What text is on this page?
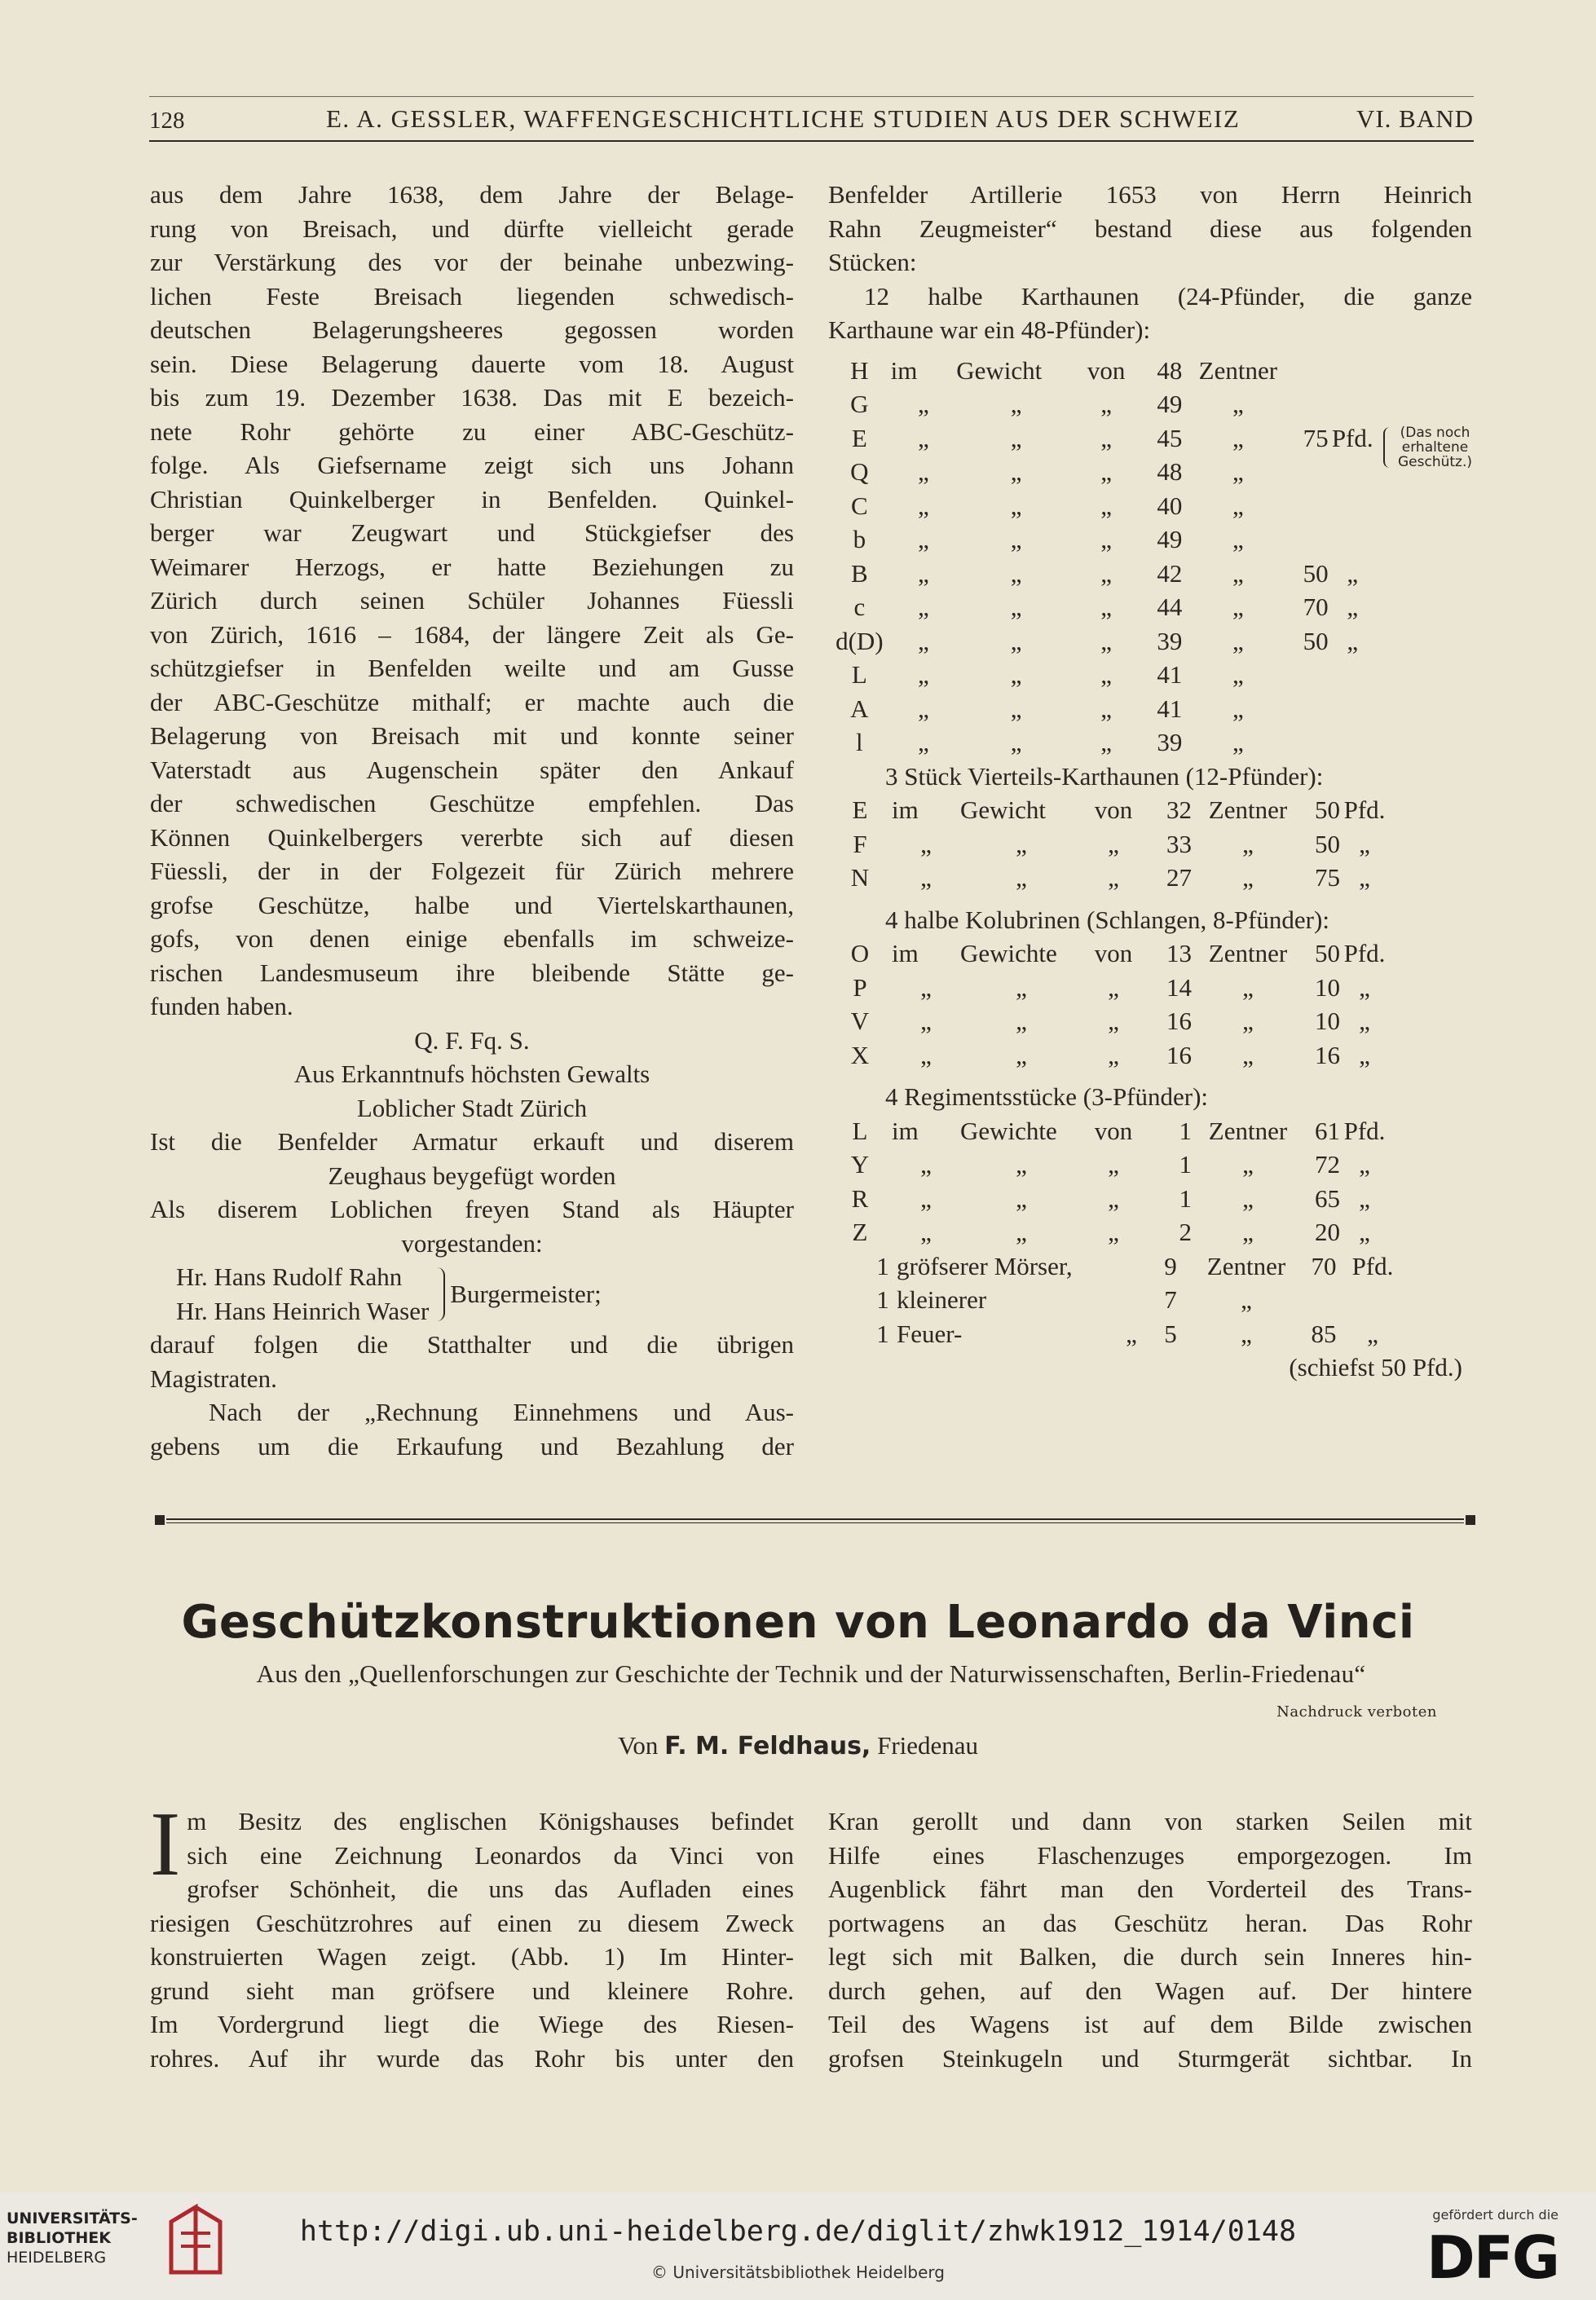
128	E. A. GESSLER, WAFFENGESCHICHTLICHE STUDIEN AUS DER SCHWEIZ	VI. BAND

aus dem Jahre 1638, dem Jahre der Belage-

rung von Breisach, und dürfte vielleicht gerade

zur Verstärkung des vor der beinahe unbezwing-

lichen Feste Breisach liegenden schwedisch-

deutschen Belagerungsheeres gegossen worden

sein. Diese Belagerung dauerte vom 18. August

bis zum 19. Dezember 1638. Das mit E bezeich-

nete Rohr gehörte zu einer ABC-Geschütz-

folge. Als Giefsername zeigt sich uns Johann

Christian Quinkelberger in Benfelden. Quinkel-

berger war Zeugwart und Stückgiefser des

Weimarer Herzogs, er hatte Beziehungen zu

Zürich durch seinen Schüler Johannes Füessli

von Zürich, 1616 – 1684, der längere Zeit als Ge-

schützgiefser in Benfelden weilte und am Gusse

der ABC-Geschütze mithalf; er machte auch die

Belagerung von Breisach mit und konnte seiner

Vaterstadt aus Augenschein später den Ankauf

der schwedischen Geschütze empfehlen. Das

Können Quinkelbergers vererbte sich auf diesen

Füessli, der in der Folgezeit für Zürich mehrere

grofse Geschütze, halbe und Viertelskarthaunen,

gofs, von denen einige ebenfalls im schweize-

rischen Landesmuseum ihre bleibende Stätte ge-

funden haben.

Q. F. Fq. S.

Aus Erkanntnufs höchsten Gewalts

Loblicher Stadt Zürich

Ist die Benfelder Armatur erkauft und diserem

Zeughaus beygefügt worden

Als diserem Loblichen freyen Stand als Häupter

vorgestanden:

Hr. Hans Rudolf Rahn
Hr. Hans Heinrich Waser
Burgermeister;

darauf folgen die Statthalter und die übrigen

Magistraten.

Nach der „Rechnung Einnehmens und Aus-

gebens um die Erkaufung und Bezahlung der

Benfelder Artillerie 1653 von Herrn Heinrich

Rahn Zeugmeister“ bestand diese aus folgenden

Stücken:

12 halbe Karthaunen (24-Pfünder, die ganze

Karthaune war ein 48-Pfünder):

H	im	Gewicht	von	48	Zentner		
G	„	„	„	49	„		
E	„	„	„	45	„	75	Pfd.
Q	„	„	„	48	„		
C	„	„	„	40	„		
b	„	„	„	49	„		
B	„	„	„	42	„	50	„
c	„	„	„	44	„	70	„
d(D)	„	„	„	39	„	50	„
L	„	„	„	41	„		
A	„	„	„	41	„		
l	„	„	„	39	„		
(Das noch
erhaltene
Geschütz.)

3 Stück Vierteils-Karthaunen (12-Pfünder):

E	im	Gewicht	von	32	Zentner	50	Pfd.
F	„	„	„	33	„	50	„
N	„	„	„	27	„	75	„

4 halbe Kolubrinen (Schlangen, 8-Pfünder):

O	im	Gewichte	von	13	Zentner	50	Pfd.
P	„	„	„	14	„	10	„
V	„	„	„	16	„	10	„
X	„	„	„	16	„	16	„

4 Regimentsstücke (3-Pfünder):

L	im	Gewichte	von	1	Zentner	61	Pfd.
Y	„	„	„	1	„	72	„
R	„	„	„	1	„	65	„
Z	„	„	„	2	„	20	„
1	gröfserer Mörser,		9	Zentner	70	Pfd.
1	kleinerer		7	„		
1	Feuer-	„	5	„	85	„

(schiefst 50 Pfd.)

Geschützkonstruktionen von Leonardo da Vinci
Aus den „Quellenforschungen zur Geschichte der Technik und der Naturwissenschaften, Berlin-Friedenau“
Nachdruck verboten
Von F. M. Feldhaus, Friedenau
I m Besitz des englischen Königshauses befindet

sich eine Zeichnung Leonardos da Vinci von

grofser Schönheit, die uns das Aufladen eines

riesigen Geschützrohres auf einen zu diesem Zweck

konstruierten Wagen zeigt. (Abb. 1) Im Hinter-

grund sieht man gröfsere und kleinere Rohre.

Im Vordergrund liegt die Wiege des Riesen-

rohres. Auf ihr wurde das Rohr bis unter den

Kran gerollt und dann von starken Seilen mit

Hilfe eines Flaschenzuges emporgezogen. Im

Augenblick fährt man den Vorderteil des Trans-

portwagens an das Geschütz heran. Das Rohr

legt sich mit Balken, die durch sein Inneres hin-

durch gehen, auf den Wagen auf. Der hintere

Teil des Wagens ist auf dem Bilde zwischen

grofsen Steinkugeln und Sturmgerät sichtbar. In

UNIVERSITÄTS-
BIBLIOTHEK
HEIDELBERG
http://digi.ub.uni-heidelberg.de/diglit/zhwk1912_1914/0148
© Universitätsbibliothek Heidelberg
gefördert durch die
DFG
